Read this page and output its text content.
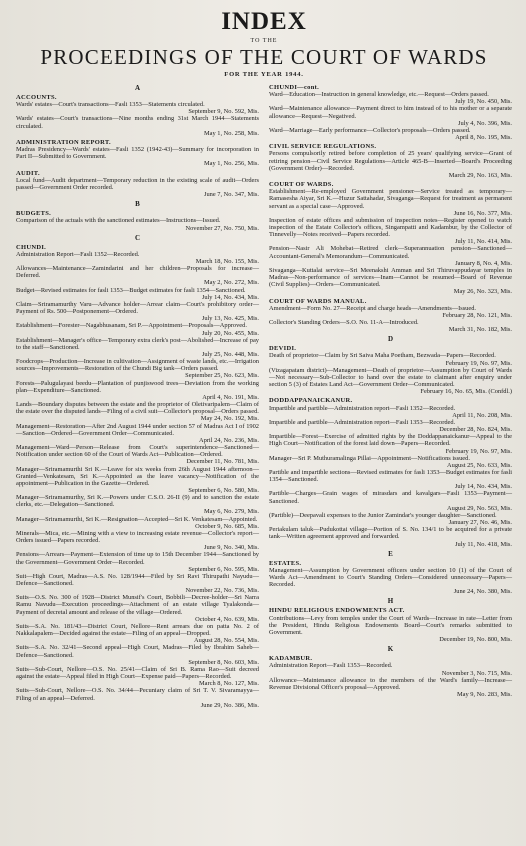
INDEX
TO THE
PROCEEDINGS OF THE COURT OF WARDS
FOR THE YEAR 1944.
A
ACCOUNTS.
Wards' estates—Court's transactions—Fasli 1353—Statements circulated.
September 9, No. 592, Mis.
Wards' estates—Court's transactions—Nine months ending 31st March 1944—Statements circulated.
May 1, No. 258, Mis.
ADMINISTRATION REPORT.
Madras Presidency—Wards' estates—Fasli 1352 (1942-43)—Summary for incorporation in Part II—Submitted to Government.
May 1, No. 256, Mis.
AUDIT.
Local fund—Audit department—Temporary reduction in the existing scale of audit—Orders passed—Government Order recorded.
June 7, No. 347, Mis.
B
BUDGETS.
Comparison of the actuals with the sanctioned estimates—Instructions—Issued.
November 27, No. 750, Mis.
C
CHUNDI.
Administration Report—Fasli 1352—Recorded.
March 18, No. 155, Mis.
Allowances—Maintenance—Zamindarini and her children—Proposals for increase—Deferred.
May 2, No. 272, Mis.
Budget—Revised estimates for fasli 1353—Budget estimates for fasli 1354—Sanctioned.
July 14, No. 434, Mis.
Claim—Sriramamurthy Varu—Advance holder—Arrear claim—Court's prohibitory order—Payment of Rs. 500—Postponement—Ordered.
July 13, No. 425, Mis.
Establishment—Forester—Nagabhusanam, Sri P.—Appointment—Proposals—Approved.
July 20, No. 455, Mis.
Establishment—Manager's office—Temporary extra clerk's post—Abolished—Increase of pay to the staff—Sanctioned.
July 25, No. 448, Mis.
Foodcrops—Production—Increase in cultivation—Assignment of waste lands, etc.—Irrigation sources—Improvements—Restoration of the Chundi Big tank—Orders passed.
September 25, No. 623, Mis.
Forests—Palugulayasi beedu—Plantation of punjiswood trees—Deviation from the working plan—Expenditure—Sanctioned.
April 4, No. 191, Mis.
Lands—Boundary disputes between the estate and the proprietor of Oletivaripalem—Claim of the estate over the disputed lands—Filing of a civil suit—Collector's proposal—Orders passed.
May 24, No. 192, Mis.
Management—Restoration—After 2nd August 1944 under section 57 of Madras Act I of 1902—Sanction—Ordered—Government Order—Communicated.
April 24, No. 236, Mis.
Management—Ward—Person—Release from Court's superintendence—Sanctioned—Notification under section 60 of the Court of Wards Act—Publication—Ordered.
December 11, No. 781, Mis.
Manager—Sriramamurthi Sri K.—Leave for six weeks from 26th August 1944 afternoon—Granted—Venkatesam, Sri K.—Appointed as the leave vacancy—Notification of the appointment—Publication in the Gazette—Ordered.
September 6, No. 580, Mis.
Manager—Sriramamurthy, Sri K.—Powers under C.S.O. 26-II (9) and to sanction the estate clerks, etc.—Delegation—Sanctioned.
May 6, No. 279, Mis.
Manager—Sriramamurthi, Sri K.—Resignation—Accepted—Sri K. Venkatesam—Appointed.
October 9, No. 685, Mis.
Minerals—Mica, etc.—Mining with a view to increasing estate revenue—Collector's report—Orders issued—Papers recorded.
June 9, No. 340, Mis.
Pensions—Arrears—Payment—Extension of time up to 15th December 1944—Sanctioned by the Government—Government Order—Recorded.
September 6, No. 595, Mis.
Suit—High Court, Madras—A.S. No. 128/1944—Filed by Sri Ravi Thirupathi Nayudu—Defence—Sanctioned.
November 22, No. 736, Mis.
Suits—O.S. No. 300 of 1928—District Munsif's Court, Bobbili—Decree-holder—Sri Narra Ramu Navudu—Execution proceedings—Attachment of an estate village Tyalakonda—Payment of decretal amount and release of the village—Ordered.
October 4, No. 639, Mis.
Suits—S.A. No. 181/43—District Court, Nellore—Rent arrears due on patta No. 2 of Nakkalapalem—Decided against the estate—Filing of an appeal—Dropped.
August 28, No. 554, Mis.
Suits—S.A. No. 32/41—Second appeal—High Court, Madras—Filed by Ibrahim Saheb—Defence—Sanctioned.
September 8, No. 603, Mis.
Suits—Sub-Court, Nellore—O.S. No. 25/41—Claim of Sri B. Rama Rao—Suit decreed against the estate—Appeal filed in High Court—Expense paid—Papers—Recorded.
March 8, No. 127, Mis.
Suits—Sub-Court, Nellore—O.S. No. 34/44—Pecuniary claim of Sri T. V. Sivaramayya—Filing of an appeal—Deferred.
June 29, No. 386, Mis.
CHUNDI—cont.
Ward—Education—Instruction in general knowledge, etc.—Request—Orders passed.
July 19, No. 450, Mis.
Ward—Maintenance allowance—Payment direct to him instead of to his mother or a separate allowance—Request—Negatived.
July 4, No. 396, Mis.
Ward—Marriage—Early performance—Collector's proposals—Orders passed.
April 8, No. 195, Mis.
CIVIL SERVICE REGULATIONS.
Persons compulsorily retired before completion of 25 years' qualifying service—Grant of retiring pension—Civil Service Regulations—Article 465-B—Inserted—Board's Proceeding (Government Order)—Recorded.
March 29, No. 163, Mis.
COURT OF WARDS.
Establishment—Re-employed Government pensioner—Service treated as temporary—Ramasesha Aiyar, Sri K.—Huzur Sattahadar, Sivaganga—Request for treatment as permanent servant as a special case—Approved.
June 16, No. 377, Mis.
Inspection of estate offices and submission of inspection notes—Register opened to watch inspection of the Estate Collector's offices, Singampatti and Kadambur, by the Collector of Tinnevelly—Notes received—Papers recorded.
July 11, No. 414, Mis.
Pension—Nasir Ali Mohebat—Retired clerk—Superannuation pension—Sanctioned—Accountant-General's Memorandum—Communicated.
January 8, No. 4, Mis.
Sivaganga—Kuttalai service—Sri Meenakshi Amman and Sri Thiruvappudayar temples in Madras—Non-performance of services—Inam—Cannot be resumed—Board of Revenue (Civil Supplies)—Orders—Communicated.
May 26, No. 323, Mis.
COURT OF WARDS MANUAL.
Amendment—Form No. 27—Receipt and charge heads—Amendments—Issued.
February 28, No. 121, Mis.
Collector's Standing Orders—S.O. No. 11-A—Introduced.
March 31, No. 182, Mis.
D
DEVIDI.
Death of proprietor—Claim by Sri Saiva Maha Poetham, Bezwada—Papers—Recorded.
February 19, No. 97, Mis.
(Vizagapatam district)—Management—Death of proprietor—Assumption by Court of Wards—Not necessary—Sub-Collector to hand over the estate to claimant after enquiry under section 5 (3) of Estates Land Act—Government Order—Communicated.
February 16, No. 65, Mis. (Confdl.)
DODDAPPANAICKANUR.
Impartible and partible—Administration report—Fasli 1352—Recorded.
April 11, No. 208, Mis.
Impartible and partible—Administration report—Fasli 1353—Recorded.
December 28, No. 824, Mis.
Impartible—Forest—Exercise of admitted rights by the Doddappanaickanur—Appeal to the High Court—Notification of the forest laid down—Papers—Recorded.
February 19, No. 97, Mis.
Manager—Sri P. Muthuramalinga Pillai—Appointment—Notifications issued.
August 25, No. 633, Mis.
Partible and impartible sections—Revised estimates for fasli 1353—Budget estimates for fasli 1354—Sanctioned.
July 14, No. 434, Mis.
Partible—Charges—Grain wages of mirasdars and kavalgars—Fasli 1353—Payment—Sanctioned.
August 29, No. 563, Mis.
(Partible)—Deepavali expenses to the Junior Zamindar's younger daughter—Sanctioned.
January 27, No. 46, Mis.
Periakulam taluk—Pudukottai village—Portion of S. No. 134/1 to be acquired for a private tank—Written agreement approved and forwarded.
July 11, No. 418, Mis.
E
ESTATES.
Management—Assumption by Government officers under section 10 (1) of the Court of Wards Act—Amendment to Court's Standing Orders—Considered unnecessary—Papers—Recorded.
June 24, No. 380, Mis.
H
HINDU RELIGIOUS ENDOWMENTS ACT.
Contributions—Levy from temples under the Court of Wards—Increase in rate—Letter from the President, Hindu Religious Endowments Board—Court's remarks submitted to Government.
December 19, No. 800, Mis.
K
KADAMBUR.
Administration Report—Fasli 1353—Recorded.
November 3, No. 715, Mis.
Allowance—Maintenance allowance to the members of the Ward's family—Increase—Revenue Divisional Officer's proposal—Approved.
May 9, No. 283, Mis.
